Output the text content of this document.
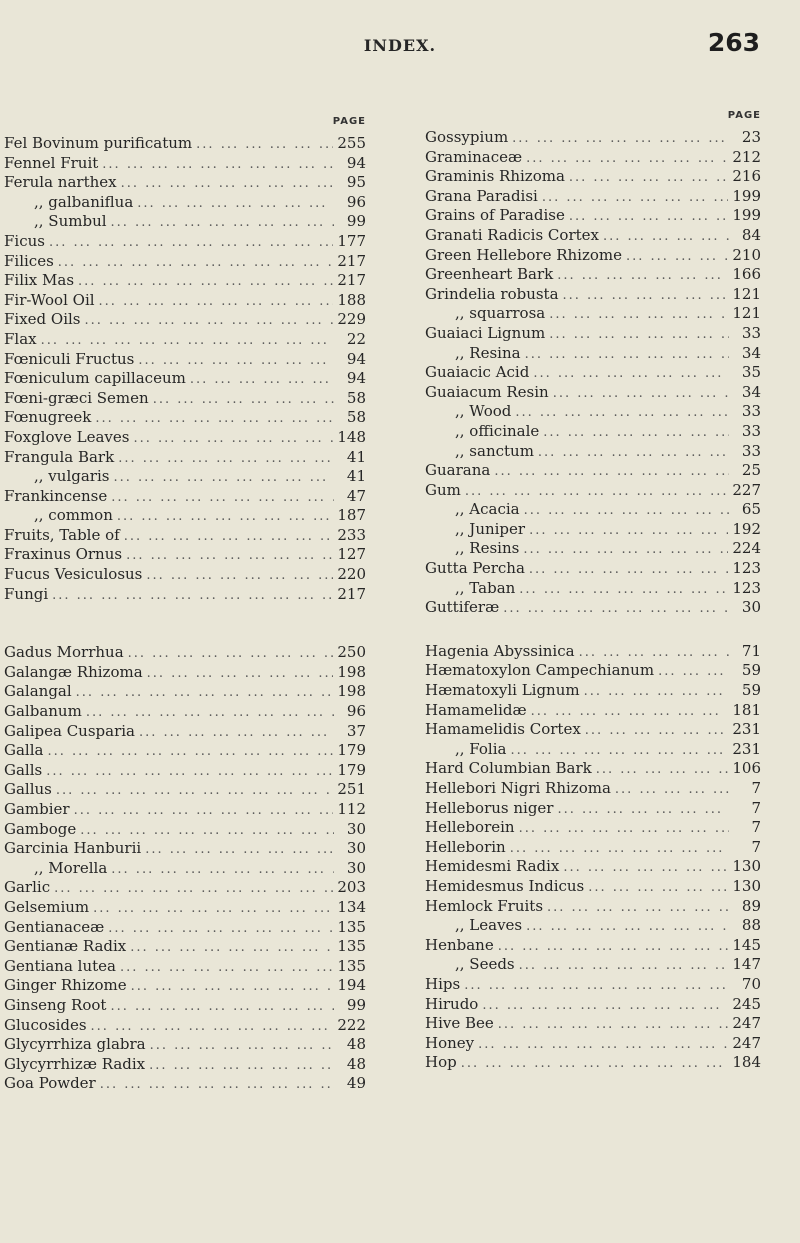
INDEX.	263
PAGE
Fel Bovinum purificatum ... .	255
Fennel Fruit ... .	94
Ferula narthex ... .	95
,, galbaniflua ... .	96
,, Sumbul ... .	99
Ficus ... .	177
Filices ... .	217
Filix Mas ... .	217
Fir-Wool Oil ... .	188
Fixed Oils ... .	229
Flax ... .	22
Fœniculi Fructus ... .	94
Fœniculum capillaceum ... .	94
Fœni-græci Semen ... .	58
Fœnugreek ... .	58
Foxglove Leaves ... .	148
Frangula Bark ... .	41
,, vulgaris ... .	41
Frankincense ... .	47
,, common ... .	187
Fruits, Table of ... .	233
Fraxinus Ornus ... .	127
Fucus Vesiculosus ... .	220
Fungi ... .	217
Gadus Morrhua ... .	250
Galangæ Rhizoma ... .	198
Galangal ... .	198
Galbanum ... .	96
Galipea Cusparia ... .	37
Galla ... .	179
Galls ... .	179
Gallus ... .	251
Gambier ... .	112
Gamboge ... .	30
Garcinia Hanburii ... .	30
,, Morella ... .	30
Garlic ... .	203
Gelsemium ... .	134
Gentianaceæ ... .	135
Gentianæ Radix ... .	135
Gentiana lutea ... .	135
Ginger Rhizome ... .	194
Ginseng Root ... .	99
Glucosides ... .	222
Glycyrrhiza glabra ... .	48
Glycyrrhizæ Radix ... .	48
Goa Powder ... .	49
PAGE
Gossypium ... .	23
Graminaceæ ... .	212
Graminis Rhizoma ... .	216
Grana Paradisi ... .	199
Grains of Paradise ... .	199
Granati Radicis Cortex ... .	84
Green Hellebore Rhizome ... .	210
Greenheart Bark ... .	166
Grindelia robusta ... .	121
,, squarrosa ... .	121
Guaiaci Lignum ... .	33
,, Resina ... .	34
Guaiacic Acid ... .	35
Guaiacum Resin ... .	34
,, Wood ... .	33
,, officinale ... .	33
,, sanctum ... .	33
Guarana ... .	25
Gum ... .	227
,, Acacia ... .	65
,, Juniper ... .	192
,, Resins ... .	224
Gutta Percha ... .	123
,, Taban ... .	123
Guttiferæ ... .	30
Hagenia Abyssinica ... .	71
Hæmatoxylon Campechianum ... .	59
Hæmatoxyli Lignum ... .	59
Hamamelidæ ... .	181
Hamamelidis Cortex ... .	231
,, Folia ... .	231
Hard Columbian Bark ... .	106
Hellebori Nigri Rhizoma ... .	7
Helleborus niger ... .	7
Helleborein ... .	7
Helleborin ... .	7
Hemidesmi Radix ... .	130
Hemidesmus Indicus ... .	130
Hemlock Fruits ... .	89
,, Leaves ... .	88
Henbane ... .	145
,, Seeds ... .	147
Hips ... .	70
Hirudo ... .	245
Hive Bee ... .	247
Honey ... .	247
Hop ... .	184
